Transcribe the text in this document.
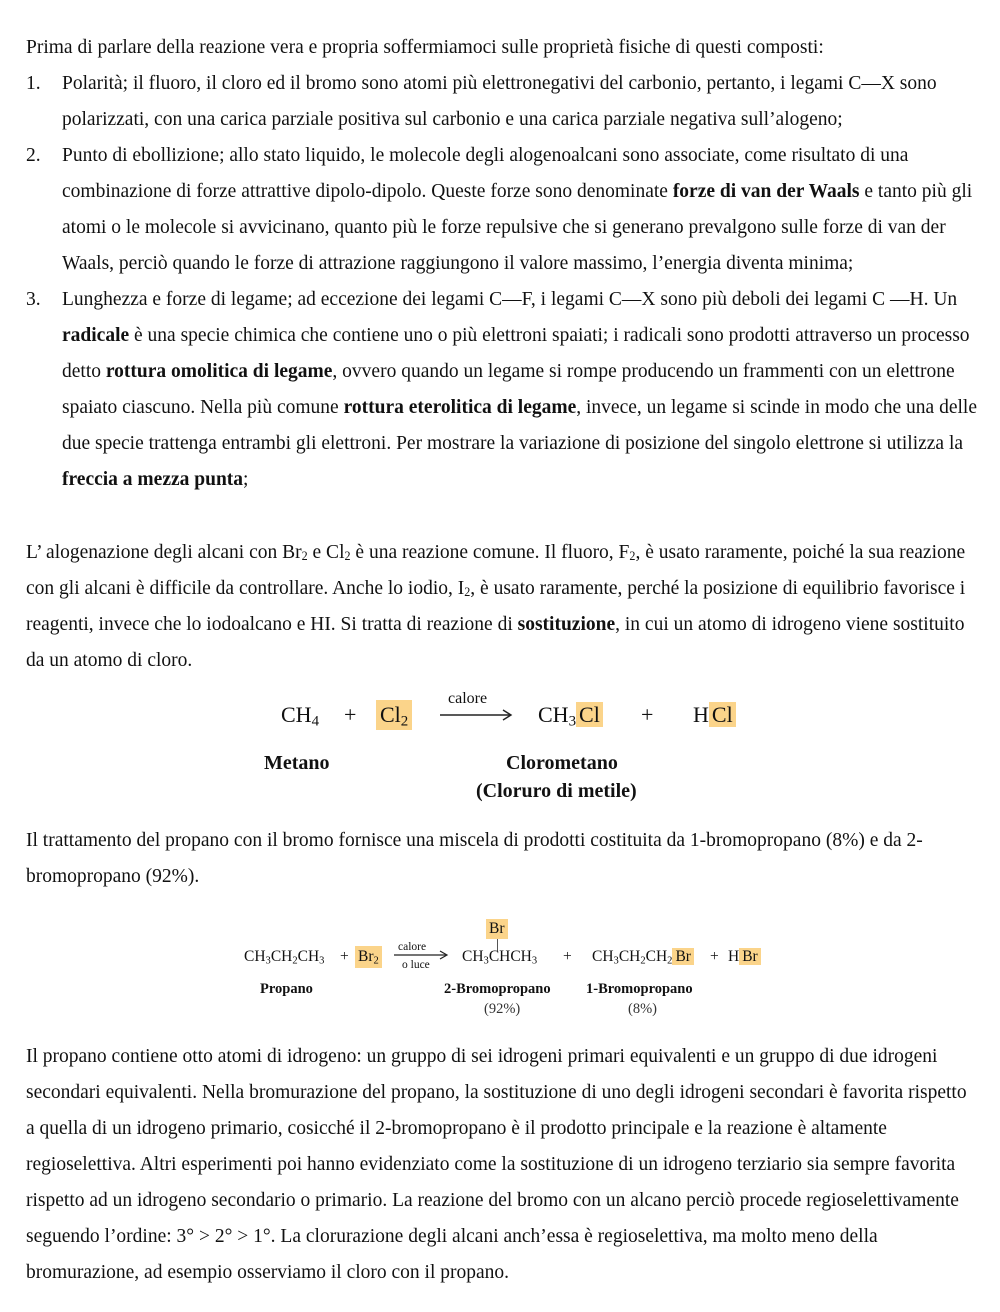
Prima di parlare della reazione vera e propria soffermiamoci sulle proprietà fisiche di questi composti:

1. Polarità; il fluoro, il cloro ed il bromo sono atomi più elettronegativi del carbonio, pertanto, i legami C—X sono polarizzati, con una carica parziale positiva sul carbonio e una carica parziale negativa sull’alogeno;
2. Punto di ebollizione; allo stato liquido, le molecole degli alogenoalcani sono associate, come risultato di una combinazione di forze attrattive dipolo-dipolo. Queste forze sono denominate forze di van der Waals e tanto più gli atomi o le molecole si avvicinano, quanto più le forze repulsive che si generano prevalgono sulle forze di van der Waals, perciò quando le forze di attrazione raggiungono il valore massimo, l’energia diventa minima;
3. Lunghezza e forze di legame; ad eccezione dei legami C—F, i legami C—X sono più deboli dei legami C —H. Un radicale è una specie chimica che contiene uno o più elettroni spaiati; i radicali sono prodotti attraverso un processo detto rottura omolitica di legame, ovvero quando un legame si rompe producendo un frammenti con un elettrone spaiato ciascuno. Nella più comune rottura eterolitica di legame, invece, un legame si scinde in modo che una delle due specie trattenga entrambi gli elettroni. Per mostrare la variazione di posizione del singolo elettrone si utilizza la freccia a mezza punta;

L’ alogenazione degli alcani con Br2 e Cl2 è una reazione comune. Il fluoro, F2, è usato raramente, poiché la sua reazione con gli alcani è difficile da controllare. Anche lo iodio, I2, è usato raramente, perché la posizione di equilibrio favorisce i reagenti, invece che lo iodoalcano e HI. Si tratta di reazione di sostituzione, in cui un atomo di idrogeno viene sostituito da un atomo di cloro.

$CH_4 + Cl_2$
calore
→ $CH_3$ Cl + H Cl
Metano	Clorometano
(Cloruro di metile)

Il trattamento del propano con il bromo fornisce una miscela di prodotti costituita da 1-bromopropano (8%) e da 2-bromopropano (92%).

$CH_3CH_2CH_3 + Br_2$
calore
o luce
Br
$CH_3CHCH_3 + CH_3CH_2CH_2$ Br + H Br
Propano	2-Bromopropano
(92%)
1-Bromopropano
(8%)

Il propano contiene otto atomi di idrogeno: un gruppo di sei idrogeni primari equivalenti e un gruppo di due idrogeni secondari equivalenti. Nella bromurazione del propano, la sostituzione di uno degli idrogeni secondari è favorita rispetto a quella di un idrogeno primario, cosicché il 2-bromopropano è il prodotto principale e la reazione è altamente regioselettiva. Altri esperimenti poi hanno evidenziato come la sostituzione di un idrogeno terziario sia sempre favorita rispetto ad un idrogeno secondario o primario. La reazione del bromo con un alcano perciò procede regioselettivamente seguendo l’ordine: 3° > 2° > 1°. La clorurazione degli alcani anch’essa è regioselettiva, ma molto meno della bromurazione, ad esempio osserviamo il cloro con il propano.
